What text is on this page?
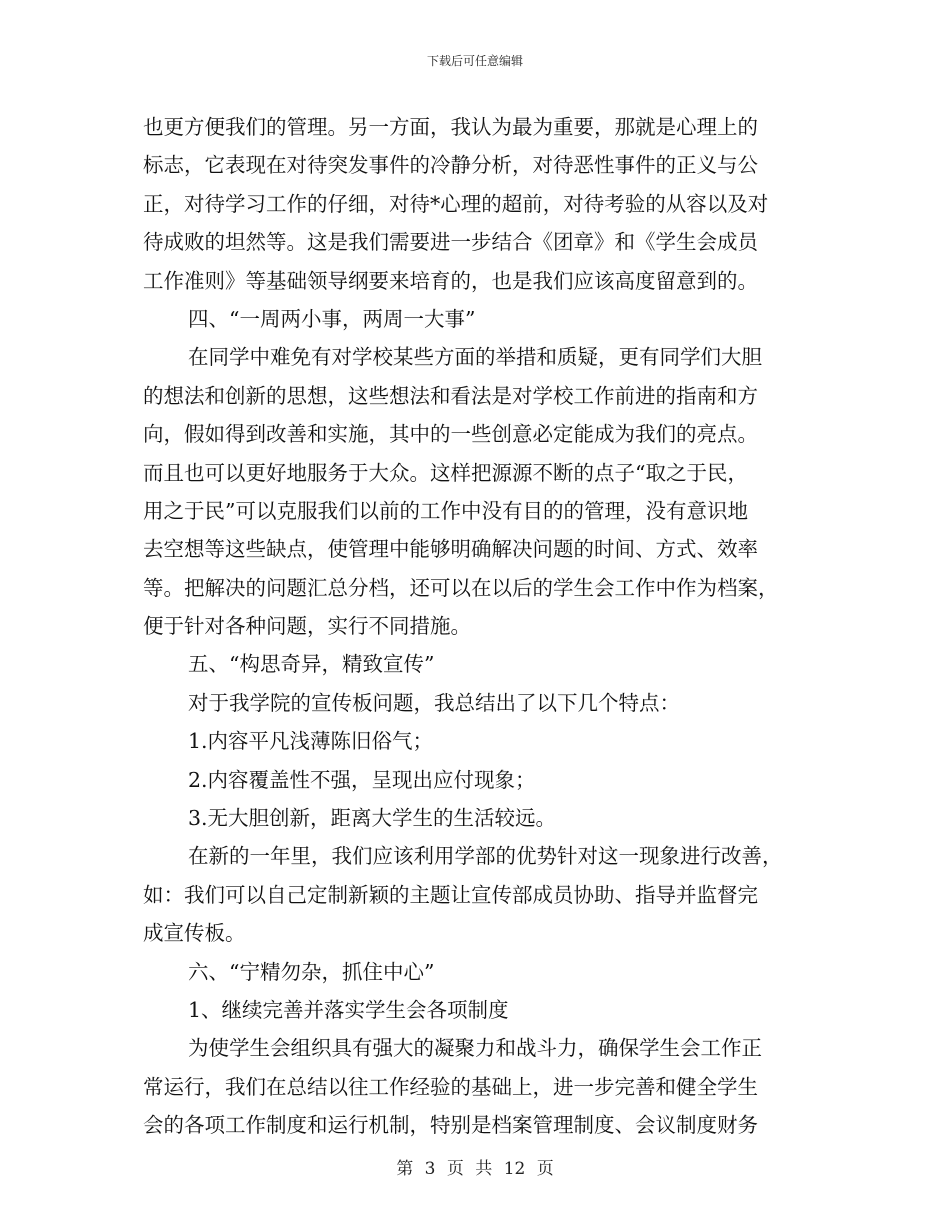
下载后可任意编辑
也更方便我们的管理。另一方面，我认为最为重要，那就是心理上的
标志，它表现在对待突发事件的冷静分析，对待恶性事件的正义与公
正，对待学习工作的仔细，对待*心理的超前，对待考验的从容以及对
待成败的坦然等。这是我们需要进一步结合《团章》和《学生会成员
工作准则》等基础领导纲要来培育的，也是我们应该高度留意到的。
四、“一周两小事，两周一大事”
在同学中难免有对学校某些方面的举措和质疑，更有同学们大胆
的想法和创新的思想，这些想法和看法是对学校工作前进的指南和方
向，假如得到改善和实施，其中的一些创意必定能成为我们的亮点。
而且也可以更好地服务于大众。这样把源源不断的点子“取之于民，
用之于民”可以克服我们以前的工作中没有目的的管理，没有意识地
去空想等这些缺点，使管理中能够明确解决问题的时间、方式、效率
等。把解决的问题汇总分档，还可以在以后的学生会工作中作为档案，
便于针对各种问题，实行不同措施。
五、“构思奇异，精致宣传”
对于我学院的宣传板问题，我总结出了以下几个特点：
1.内容平凡浅薄陈旧俗气；
2.内容覆盖性不强，呈现出应付现象；
3.无大胆创新，距离大学生的生活较远。
在新的一年里，我们应该利用学部的优势针对这一现象进行改善，
如：我们可以自己定制新颖的主题让宣传部成员协助、指导并监督完
成宣传板。
六、“宁精勿杂，抓住中心”
1、继续完善并落实学生会各项制度
为使学生会组织具有强大的凝聚力和战斗力，确保学生会工作正
常运行，我们在总结以往工作经验的基础上，进一步完善和健全学生
会的各项工作制度和运行机制，特别是档案管理制度、会议制度财务
第 3 页 共 12 页
